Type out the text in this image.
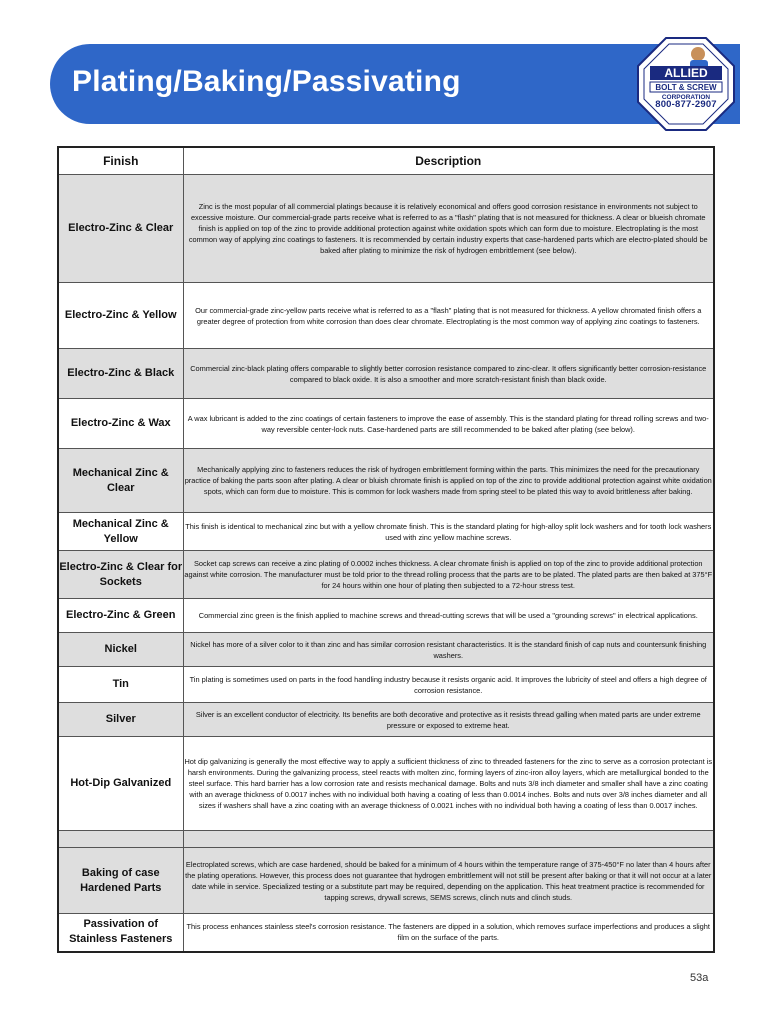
Plating/Baking/Passivating	ALLIED
BOLT & SCREW
CORPORATION
800-877-2907
Finish	Description
Electro-Zinc & Clear	Zinc is the most popular of all commercial platings because it is relatively economical and offers good corrosion resistance in environments not subject to excessive moisture. Our commercial-grade parts receive what is referred to as a "flash" plating that is not measured for thickness. A clear or blueish chromate finish is applied on top of the zinc to provide additional protection against white oxidation spots which can form due to moisture. Electroplating is the most common way of applying zinc coatings to fasteners. It is recommended by certain industry experts that case-hardened parts which are electro-plated should be baked after plating to minimize the risk of hydrogen embrittlement (see below).
Electro-Zinc & Yellow	Our commercial-grade zinc-yellow parts receive what is referred to as a "flash" plating that is not measured for thickness. A yellow chromated finish offers a greater degree of protection from white corrosion than does clear chromate. Electroplating is the most common way of applying zinc coatings to fasteners.
Electro-Zinc & Black	Commercial zinc-black plating offers comparable to slightly better corrosion resistance compared to zinc-clear. It offers significantly better corrosion-resistance compared to black oxide. It is also a smoother and more scratch-resistant finish than black oxide.
Electro-Zinc & Wax	A wax lubricant is added to the zinc coatings of certain fasteners to improve the ease of assembly. This is the standard plating for thread rolling screws and two-way reversible center-lock nuts. Case-hardened parts are still recommended to be baked after plating (see below).
Mechanical Zinc & Clear	Mechanically applying zinc to fasteners reduces the risk of hydrogen embrittlement forming within the parts. This minimizes the need for the precautionary practice of baking the parts soon after plating. A clear or bluish chromate finish is applied on top of the zinc to provide additional protection against white oxidation spots, which can form due to moisture. This is common for lock washers made from spring steel to be plated this way to avoid brittleness after baking.
Mechanical Zinc & Yellow	This finish is identical to mechanical zinc but with a yellow chromate finish. This is the standard plating for high-alloy split lock washers and for tooth lock washers used with zinc yellow machine screws.
Electro-Zinc & Clear for Sockets	Socket cap screws can receive a zinc plating of 0.0002 inches thickness. A clear chromate finish is applied on top of the zinc to provide additional protection against white corrosion. The manufacturer must be told prior to the thread rolling process that the parts are to be plated. The plated parts are then baked at 375°F for 24 hours within one hour of plating then subjected to a 72-hour stress test.
Electro-Zinc & Green	Commercial zinc green is the finish applied to machine screws and thread-cutting screws that will be used a "grounding screws" in electrical applications.
Nickel	Nickel has more of a silver color to it than zinc and has similar corrosion resistant characteristics. It is the standard finish of cap nuts and countersunk finishing washers.
Tin	Tin plating is sometimes used on parts in the food handling industry because it resists organic acid. It improves the lubricity of steel and offers a high degree of corrosion resistance.
Silver	Silver is an excellent conductor of electricity. Its benefits are both decorative and protective as it resists thread galling when mated parts are under extreme pressure or exposed to extreme heat.
Hot-Dip Galvanized	Hot dip galvanizing is generally the most effective way to apply a sufficient thickness of zinc to threaded fasteners for the zinc to serve as a corrosion protectant is harsh environments. During the galvanizing process, steel reacts with molten zinc, forming layers of zinc-iron alloy layers, which are metallurgical bonded to the steel surface. This hard barrier has a low corrosion rate and resists mechanical damage. Bolts and nuts 3/8 inch diameter and smaller shall have a zinc coating with an average thickness of 0.0017 inches with no individual both having a coating of less than 0.0014 inches. Bolts and nuts over 3/8 inches diameter and all sizes if washers shall have a zinc coating with an average thickness of 0.0021 inches with no individual both having a coating of less than 0.0017 inches.

Baking of case Hardened Parts	Electroplated screws, which are case hardened, should be baked for a minimum of 4 hours within the temperature range of 375-450°F no later than 4 hours after the plating operations. However, this process does not guarantee that hydrogen embrittlement will not still be present after baking or that it will not occur at a later date while in service. Specialized testing or a substitute part may be required, depending on the application. This heat treatment practice is recommended for tapping screws, drywall screws, SEMS screws, clinch nuts and clinch studs.
Passivation of Stainless Fasteners	This process enhances stainless steel's corrosion resistance. The fasteners are dipped in a solution, which removes surface imperfections and produces a slight film on the surface of the parts.
53a
